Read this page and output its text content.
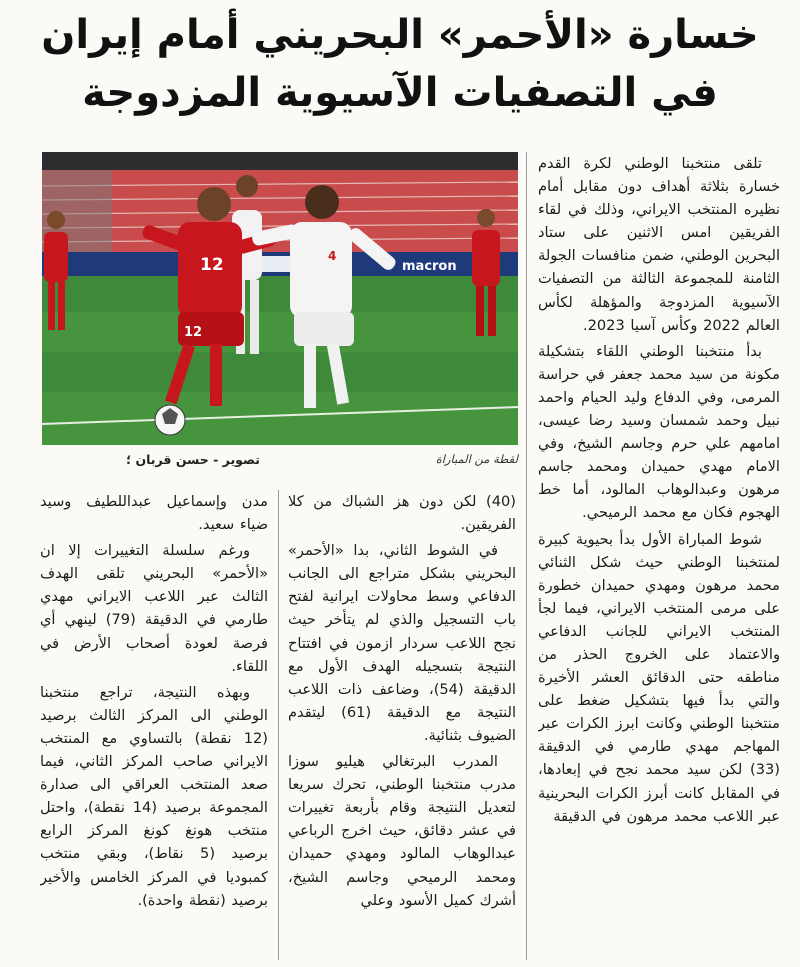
خسارة «الأحمر» البحريني أمام إيران
في التصفيات الآسيوية المزدوجة

تلقى منتخبنا الوطني لكرة القدم خسارة بثلاثة أهداف دون مقابل أمام نظيره المنتخب الايراني، وذلك في لقاء الفريقين امس الاثنين على ستاد البحرين الوطني، ضمن منافسات الجولة الثامنة للمجموعة الثالثة من التصفيات الآسيوية المزدوجة والمؤهلة لكأس العالم 2022 وكأس آسيا 2023.

بدأ منتخبنا الوطني اللقاء بتشكيلة مكونة من سيد محمد جعفر في حراسة المرمى، وفي الدفاع وليد الحيام واحمد نبيل وحمد شمسان وسيد رضا عيسى، امامهم علي حرم وجاسم الشيخ، وفي الامام مهدي حميدان ومحمد جاسم مرهون وعبدالوهاب المالود، أما خط الهجوم فكان مع محمد الرميحي.

شوط المباراة الأول بدأ بحيوية كبيرة لمنتخبنا الوطني حيث شكل الثنائي محمد مرهون ومهدي حميدان خطورة على مرمى المنتخب الايراني، فيما لجأ المنتخب الايراني للجانب الدفاعي والاعتماد على الخروج الحذر من مناطقه حتى الدقائق العشر الأخيرة والتي بدأ فيها بتشكيل ضغط على منتخبنا الوطني وكانت ابرز الكرات عبر المهاجم مهدي طارمي في الدقيقة (33) لكن سيد محمد نجح في إبعادها، في المقابل كانت أبرز الكرات البحرينية عبر اللاعب محمد مرهون في الدقيقة

macron
12
12
4
لقطة من المباراة
تصوير - حسن قربان ؛

(40) لكن دون هز الشباك من كلا الفريقين.

في الشوط الثاني، بدا «الأحمر» البحريني بشكل متراجع الى الجانب الدفاعي وسط محاولات ايرانية لفتح باب التسجيل والذي لم يتأخر حيث نجح اللاعب سردار ازمون في افتتاح النتيجة بتسجيله الهدف الأول مع الدقيقة (54)، وضاعف ذات اللاعب النتيجة مع الدقيقة (61) ليتقدم الضيوف بثنائية.

المدرب البرتغالي هيليو سوزا مدرب منتخبنا الوطني، تحرك سريعا لتعديل النتيجة وقام بأربعة تغييرات في عشر دقائق، حيث اخرج الرباعي عبدالوهاب المالود ومهدي حميدان ومحمد الرميحي وجاسم الشيخ، أشرك كميل الأسود وعلي

مدن وإسماعيل عبداللطيف وسيد ضياء سعيد.

ورغم سلسلة التغييرات إلا ان «الأحمر» البحريني تلقى الهدف الثالث عبر اللاعب الايراني مهدي طارمي في الدقيقة (79) لينهي أي فرصة لعودة أصحاب الأرض في اللقاء.

وبهذه النتيجة، تراجع منتخبنا الوطني الى المركز الثالث برصيد (12 نقطة) بالتساوي مع المنتخب الايراني صاحب المركز الثاني، فيما صعد المنتخب العراقي الى صدارة المجموعة برصيد (14 نقطة)، واحتل منتخب هونغ كونغ المركز الرابع برصيد (5 نقاط)، وبقي منتخب كمبوديا في المركز الخامس والأخير برصيد (نقطة واحدة).
